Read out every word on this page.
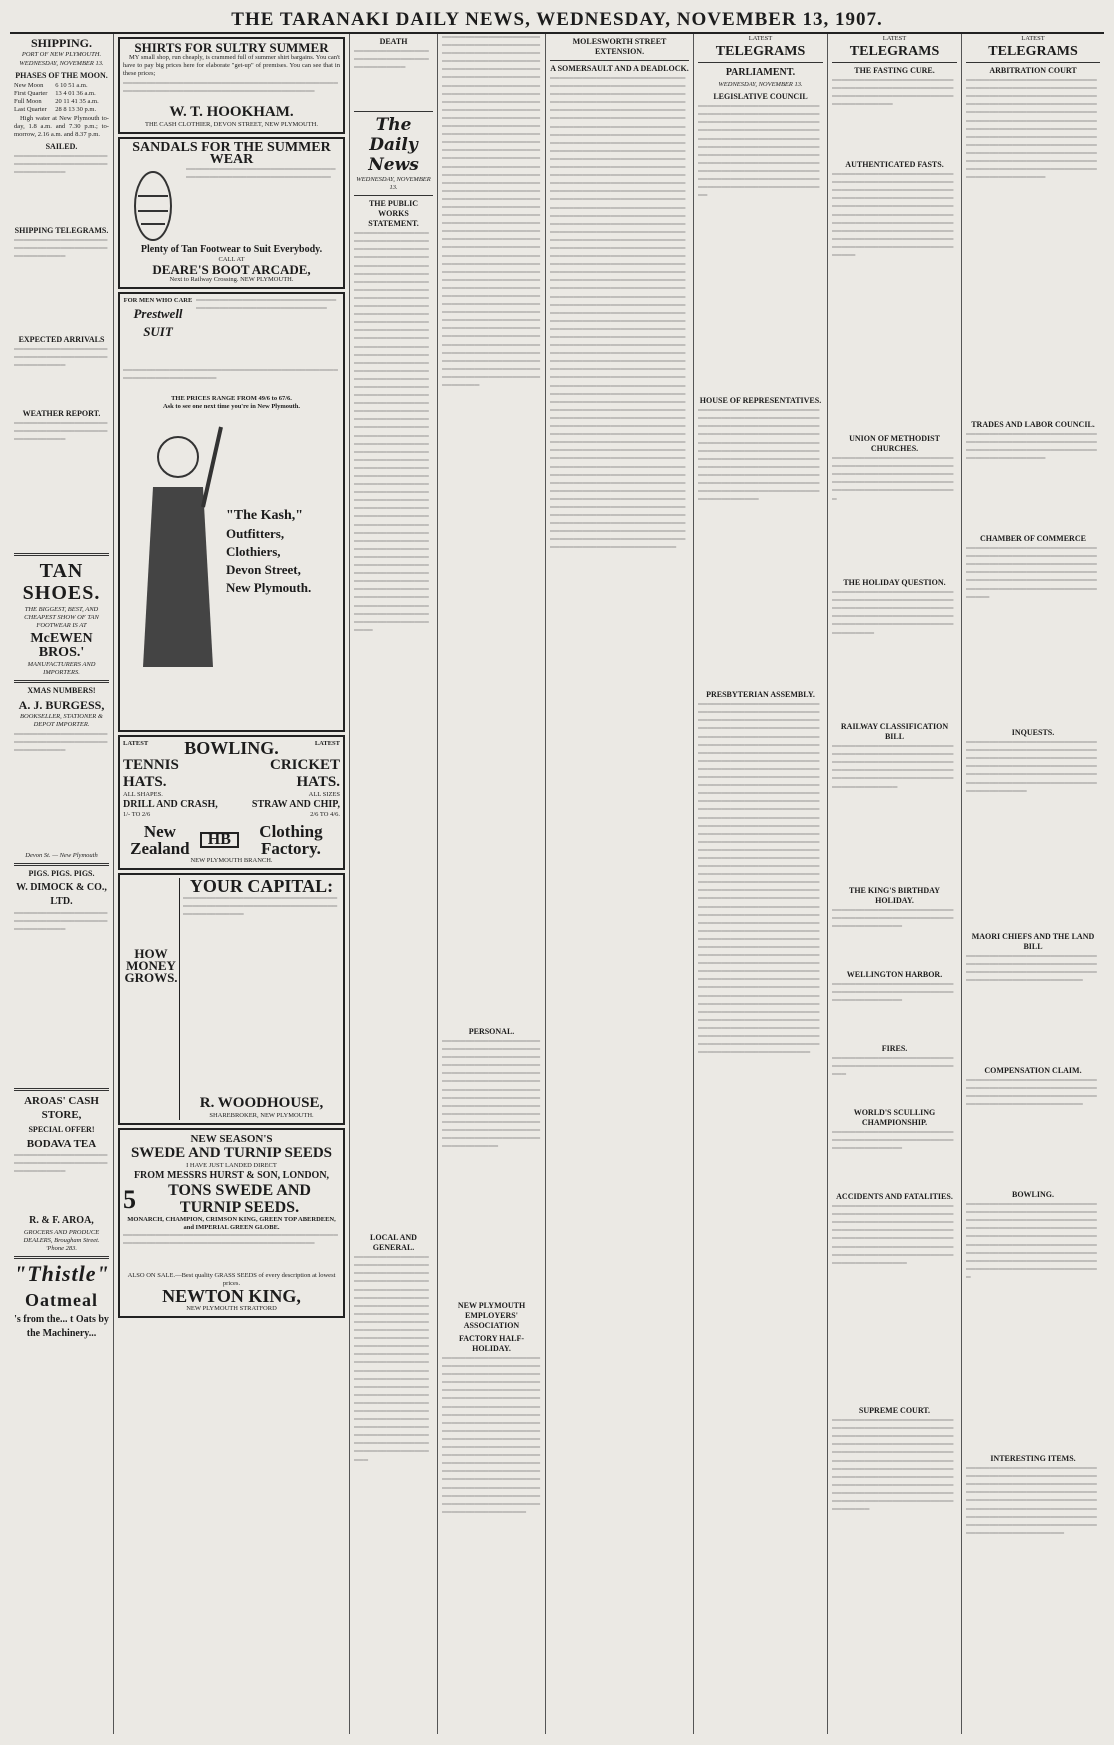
THE TARANAKI DAILY NEWS, WEDNESDAY, NOVEMBER 13, 1907.
SHIPPING.
PORT OF NEW PLYMOUTH.
WEDNESDAY, NOVEMBER 13.
PHASES OF THE MOON.
New Moon	6 10 51 a.m.
First Quarter	13 4 01 36 a.m.
Full Moon	20 11 41 35 a.m.
Last Quarter	28 8 13 30 p.m.

High water at New Plymouth to-day, 1.8 a.m. and 7.30 p.m.; to-morrow, 2.16 a.m. and 8.37 p.m.

SAILED.
═══════════════════════════════════════════════════
SHIPPING TELEGRAMS.
═══════════════════════════════════════════════════
EXPECTED ARRIVALS
═══════════════════════════════════════════════════
WEATHER REPORT.
═══════════════════════════════════════════════════
TAN SHOES.
THE BIGGEST, BEST, AND CHEAPEST SHOW OF TAN FOOTWEAR IS AT
McEWEN BROS.'
MANUFACTURERS AND IMPORTERS.
XMAS NUMBERS!
A. J. BURGESS,
BOOKSELLER, STATIONER & DEPOT IMPORTER.
═══════════════════════════════════════════════════
Devon St. — New Plymouth
PIGS. PIGS. PIGS.
W. DIMOCK & CO., LTD.
═══════════════════════════════════════════════════
AROAS' CASH STORE,
SPECIAL OFFER!
BODAVA TEA
═══════════════════════════════════════════════════
R. & F. AROA,
GROCERS AND PRODUCE DEALERS, Brougham Street. 'Phone 283.
"Thistle"
Oatmeal
's from the... t Oats by the Machinery...
SHIRTS FOR SULTRY SUMMER

MY small shop, run cheaply, is crammed full of summer shirt bargains. You can't have to pay big prices here for elaborate "get-up" of premises. You can see that in these prices;

═══════════════════════════════════════════════════════════════════════════════════════
W. T. HOOKHAM.
THE CASH CLOTHIER, DEVON STREET, NEW PLYMOUTH.
SANDALS FOR THE SUMMER WEAR
═══════════════════════════════════════════════════════════════
Plenty of Tan Footwear to Suit Everybody.
CALL AT
DEARE'S BOOT ARCADE,
Next to Railway Crossing. NEW PLYMOUTH.
FOR MEN WHO CARE
Prestwell SUIT
══════════════════════════════════════════════════════════
══════════════════════════════════════════════════════════════════
THE PRICES RANGE FROM 49/6 to 67/6.
Ask to see one next time you're in New Plymouth.
"The Kash,"
Outfitters,
Clothiers,
Devon Street,
New Plymouth.
LATEST BOWLING.	LATEST
TENNIS HATS.
CRICKET HATS.
ALL SHAPES.	ALL SIZES
DRILL AND CRASH,	STRAW AND CHIP,
1/- TO 2/6	2/6 TO 4/6.
New Zealand	HB	Clothing Factory.
NEW PLYMOUTH BRANCH.
HOW
MONEY
GROWS.
YOUR CAPITAL:
═══════════════════════════════════════════════════════════════════════════════
R. WOODHOUSE,
SHAREBROKER, NEW PLYMOUTH.
NEW SEASON'S
SWEDE AND TURNIP SEEDS
I HAVE JUST LANDED DIRECT
FROM MESSRS HURST & SON, LONDON,
5	TONS SWEDE AND TURNIP SEEDS.
MONARCH, CHAMPION, CRIMSON KING, GREEN TOP ABERDEEN, and IMPERIAL GREEN GLOBE.
═══════════════════════════════════════════════════════════════════════════════════════
ALSO ON SALE.—Best quality GRASS SEEDS of every description at lowest prices.
NEWTON KING,
NEW PLYMOUTH STRATFORD
DEATH
═══════════════════════════════════════════
The Daily News
WEDNESDAY, NOVEMBER 13.
THE PUBLIC WORKS STATEMENT.
════════════════════════════════════════════════════════════════════════════════════════════════════════════════════════════════════════════════════════════════════════════════════════════════════════════════════════════════════════════════════════════════════════════════════════════════════════════════════════════════════════════════════════════════════════════════════════════════════════════════════════════════════════════════════════════════════════════════════════════════════════════════════════════════════════════════════════════════════════════════════════════════════════════════════════════════════════════════════════════════════════════════════════════════════════════════════════════════════════════════════════════════════════════════════════════════════════════════════
LOCAL AND GENERAL.
═══════════════════════════════════════════════════════════════════════════════════════════════════════════════════════════════════════════════════════════════════════════════════════════════════════════════════════════════════════════════════════════════════════════════════════════════════════════════════════════════════════════════════════════════════════════════════════════════════════════════════
═══════════════════════════════════════════════════════════════════════════════════════════════════════════════════════════════════════════════════════════════════════════════════════════════════════════════════════════════════════════════════════════════════════════════════════════════════════════════════════════════════════════════════════════════════════════════════════════════════════════════════════════════════════════════════════════════════════════════════════════════════════════════════════════════════════════════════════════════════════════════════════════════════════════════════════════════════════════════════════════════════════════════════════════════════════════════════════════════════════════════════════════════════════════════════════════════════════════════════════════════════════════════════════════════════════════════════════════════════════════════════════════════════════════════
PERSONAL.
═════════════════════════════════════════════════════════════════════════════════════════════════════════════════════════════════════════════════════════════════════════════════════════════════════════════════════════════════════════════════════════════════════════════════════════════
NEW PLYMOUTH EMPLOYERS' ASSOCIATION
FACTORY HALF-HOLIDAY.
═════════════════════════════════════════════════════════════════════════════════════════════════════════════════════════════════════════════════════════════════════════════════════════════════════════════════════════════════════════════════════════════════════════════════════════════════════════════════════════════════════════════════════════════════════════════════════════════════════════════════════════════════
MOLESWORTH STREET EXTENSION.
A SOMERSAULT AND A DEADLOCK.
═════════════════════════════════════════════════════════════════════════════════════════════════════════════════════════════════════════════════════════════════════════════════════════════════════════════════════════════════════════════════════════════════════════════════════════════════════════════════════════════════════════════════════════════════════════════════════════════════════════════════════════════════════════════════════════════════════════════════════════════════════════════════════════════════════════════════════════════════════════════════════════════════════════════════════════════════════════════════════════════════════════════════════════════════════════════════════════════════════════════════════════════════════════════════════════════════════════════════════════════════════════════════════════════════════════════════════════════════════════════════════════════════════════════════════════════════════════════════════════════════════════════════════════════════════════════════════════════════════════════════════════════════════════════════════════════════════════════════════════════════════════════════════════════════════════════════════════════════════════════════════════════════════════════════════════════════════════════════════════════════════════════════════════════════════════════════════════════════════════════════════════════════════════════════════════════════════════════════════════════════════════════════════════════════════════════════════════════════════════════════════════════════════════════════════════════════════════════════════════════════════════════════════════════════════════════════════════════════════════════════════════════════════════════
LATEST
TELEGRAMS
PARLIAMENT.
WEDNESDAY, NOVEMBER 13.
LEGISLATIVE COUNCIL
════════════════════════════════════════════════════════════════════════════════════════════════════════════════════════════════════════════════════════════════════════════════════════════════════════════════════════════════════════════════════════════════════════════════════════════════
HOUSE OF REPRESENTATIVES.
═══════════════════════════════════════════════════════════════════════════════════════════════════════════════════════════════════════════════════════════════════════════════════════════════════════════════════════════════════════════════════════════════════════════════════════════════════════════
PRESBYTERIAN ASSEMBLY.
══════════════════════════════════════════════════════════════════════════════════════════════════════════════════════════════════════════════════════════════════════════════════════════════════════════════════════════════════════════════════════════════════════════════════════════════════════════════════════════════════════════════════════════════════════════════════════════════════════════════════════════════════════════════════════════════════════════════════════════════════════════════════════════════════════════════════════════════════════════════════════════════════════════════════════════════════════════════════════════════════════════════════════════════════════════════════════════════════════════════════════════════════════════════════════════════════════════════════════════════════════════════════════════════════════════════════════════════════════════════════════════════════════════════════════════════════════════════════════════════════════════════════════════════════════════════════════════════════════════════════════════════════════════════════════════════════════════════════════════════════════════════════════
LATEST
TELEGRAMS
THE FASTING CURE.
═══════════════════════════════════════════════════════════════════════════════════════════
AUTHENTICATED FASTS.
═════════════════════════════════════════════════════════════════════════════════════════════════════════════════════════════════════════════════════════════════════════════════════════════════════════════════════════════════════════════════════════════════════════
UNION OF METHODIST CHURCHES.
═══════════════════════════════════════════════════════════════════════════════════════════════════════════════════════════════════
THE HOLIDAY QUESTION.
═══════════════════════════════════════════════════════════════════════════════════════════════════════════════════════════════════════════
RAILWAY CLASSIFICATION BILL
════════════════════════════════════════════════════════════════════════════════════════════════════════════════════════════════════════════════
THE KING'S BIRTHDAY HOLIDAY.
═══════════════════════════════════════════════════════════════════
WELLINGTON HARBOR.
═══════════════════════════════════════════════════════════════════
FIRES.
═══════════════════════════════════════════════════════
WORLD'S SCULLING CHAMPIONSHIP.
═══════════════════════════════════════════════════════════════════
ACCIDENTS AND FATALITIES.
══════════════════════════════════════════════════════════════════════════════════════════════════════════════════════════════════════════════════════════════════════════════════════════════════════
SUPREME COURT.
══════════════════════════════════════════════════════════════════════════════════════════════════════════════════════════════════════════════════════════════════════════════════════════════════════════════════════════════════════════════════════════════════════════════════════════════════════
LATEST
TELEGRAMS
ARBITRATION COURT
═════════════════════════════════════════════════════════════════════════════════════════════════════════════════════════════════════════════════════════════════════════════════════════════════════════════════════════════════════════════════════════════════════════════════════════════════════════════════════════════════════════════════════════════════
TRADES AND LABOR COUNCIL.
═════════════════════════════════════════════════════════════════════════════════════════════════════
CHAMBER OF COMMERCE
═════════════════════════════════════════════════════════════════════════════════════════════════════════════════════════════════════════════════════════════════════════════
INQUESTS.
═════════════════════════════════════════════════════════════════════════════════════════════════════════════════════════════════════════════════════════════════════════════════════
MAORI CHIEFS AND THE LAND BILL
═════════════════════════════════════════════════════════════════════════════════════════════════════════════
COMPENSATION CLAIM.
═════════════════════════════════════════════════════════════════════════════════════════════════════════════
BOWLING.
═════════════════════════════════════════════════════════════════════════════════════════════════════════════════════════════════════════════════════════════════════════════════════════════════════════════════════════════════════════════════════════════
INTERESTING ITEMS.
═════════════════════════════════════════════════════════════════════════════════════════════════════════════════════════════════════════════════════════════════════════════════════════════════════════════════════════════════════════════════════
